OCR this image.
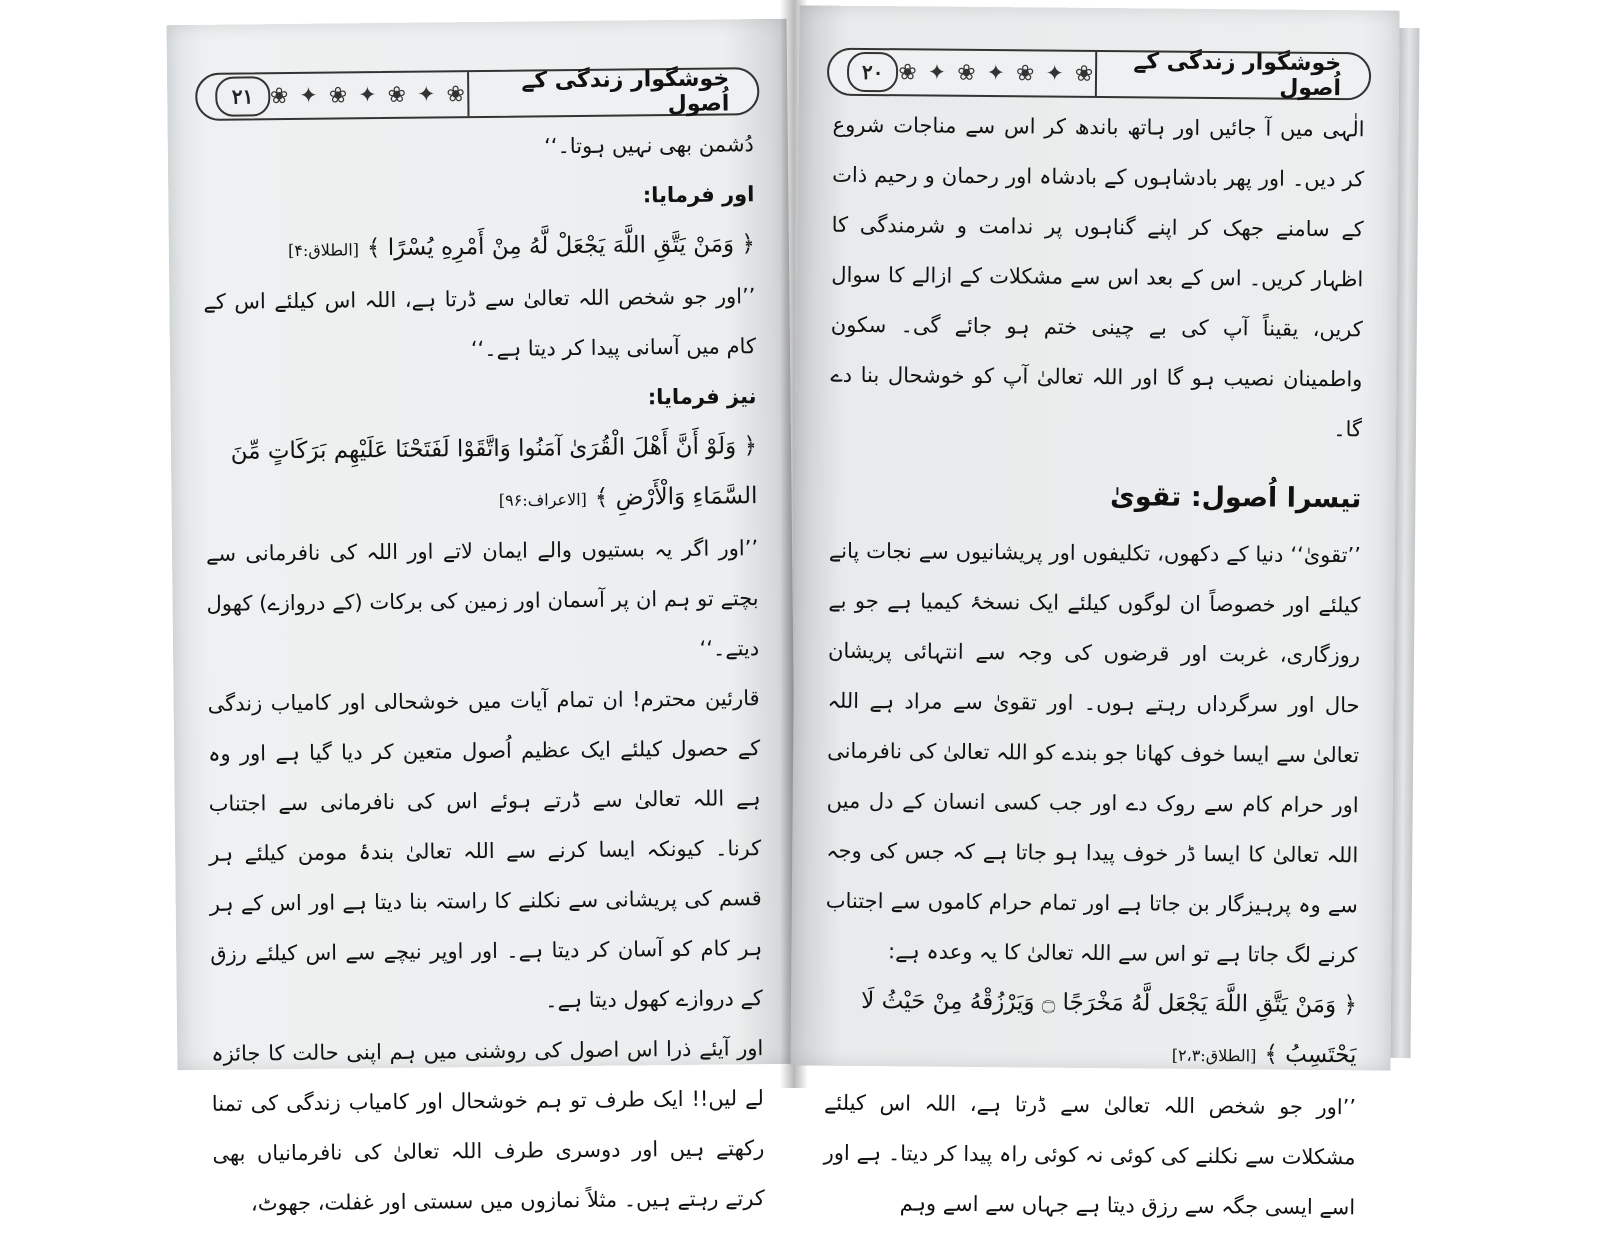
۲۱ ❀ ✦ ❀ ✦ ❀ ✦ ❀
خوشگوار زندگی کے اُصول

دُشمن بھی نہیں ہوتا۔‘‘

اور فرمایا:

﴿ وَمَنْ يَتَّقِ اللَّهَ يَجْعَلْ لَّهُ مِنْ أَمْرِهِ يُسْرًا ﴾[الطلاق:۴]

’’اور جو شخص اللہ تعالیٰ سے ڈرتا ہے، اللہ اس کیلئے اس کے کام میں آسانی پیدا کر دیتا ہے۔‘‘

نیز فرمایا:

﴿ وَلَوْ أَنَّ أَهْلَ الْقُرَىٰ آمَنُوا وَاتَّقَوْا لَفَتَحْنَا عَلَيْهِم بَرَكَاتٍ مِّنَ السَّمَاءِ وَالْأَرْضِ ﴾[الاعراف:۹۶]

’’اور اگر یہ بستیوں والے ایمان لاتے اور اللہ کی نافرمانی سے بچتے تو ہم ان پر آسمان اور زمین کی برکات (کے دروازے) کھول دیتے۔‘‘

قارئین محترم! ان تمام آیات میں خوشحالی اور کامیاب زندگی کے حصول کیلئے ایک عظیم اُصول متعین کر دیا گیا ہے اور وہ ہے اللہ تعالیٰ سے ڈرتے ہوئے اس کی نافرمانی سے اجتناب کرنا۔ کیونکہ ایسا کرنے سے اللہ تعالیٰ بندۂ مومن کیلئے ہر قسم کی پریشانی سے نکلنے کا راستہ بنا دیتا ہے اور اس کے ہر ہر کام کو آسان کر دیتا ہے۔ اور اوپر نیچے سے اس کیلئے رزق کے دروازے کھول دیتا ہے۔

اور آیئے ذرا اس اصول کی روشنی میں ہم اپنی حالت کا جائزہ لے لیں!! ایک طرف تو ہم خوشحال اور کامیاب زندگی کی تمنا رکھتے ہیں اور دوسری طرف اللہ تعالیٰ کی نافرمانیاں بھی کرتے رہتے ہیں۔ مثلاً نمازوں میں سستی اور غفلت، جھوٹ،

۲۰ ❀ ✦ ❀ ✦ ❀ ✦ ❀	خوشگوار زندگی کے اُصول

الٰہی میں آ جائیں اور ہاتھ باندھ کر اس سے مناجات شروع کر دیں۔ اور پھر بادشاہوں کے بادشاہ اور رحمان و رحیم ذات کے سامنے جھک کر اپنے گناہوں پر ندامت و شرمندگی کا اظہار کریں۔ اس کے بعد اس سے مشکلات کے ازالے کا سوال کریں، یقیناً آپ کی بے چینی ختم ہو جائے گی۔ سکون واطمینان نصیب ہو گا اور اللہ تعالیٰ آپ کو خوشحال بنا دے گا۔

تیسرا اُصول: تقویٰ

’’تقویٰ‘‘ دنیا کے دکھوں، تکلیفوں اور پریشانیوں سے نجات پانے کیلئے اور خصوصاً ان لوگوں کیلئے ایک نسخۂ کیمیا ہے جو بے روزگاری، غربت اور قرضوں کی وجہ سے انتہائی پریشان حال اور سرگرداں رہتے ہوں۔ اور تقویٰ سے مراد ہے اللہ تعالیٰ سے ایسا خوف کھانا جو بندے کو اللہ تعالیٰ کی نافرمانی اور حرام کام سے روک دے اور جب کسی انسان کے دل میں اللہ تعالیٰ کا ایسا ڈر خوف پیدا ہو جاتا ہے کہ جس کی وجہ سے وہ پرہیزگار بن جاتا ہے اور تمام حرام کاموں سے اجتناب کرنے لگ جاتا ہے تو اس سے اللہ تعالیٰ کا یہ وعدہ ہے:

﴿ وَمَنْ يَتَّقِ اللَّهَ يَجْعَل لَّهُ مَخْرَجًا ۝ وَيَرْزُقْهُ مِنْ حَيْثُ لَا يَحْتَسِبُ ﴾[الطلاق:۲،۳]

’’اور جو شخص اللہ تعالیٰ سے ڈرتا ہے، اللہ اس کیلئے مشکلات سے نکلنے کی کوئی نہ کوئی راہ پیدا کر دیتا۔ ہے اور اسے ایسی جگہ سے رزق دیتا ہے جہاں سے اسے وہم
